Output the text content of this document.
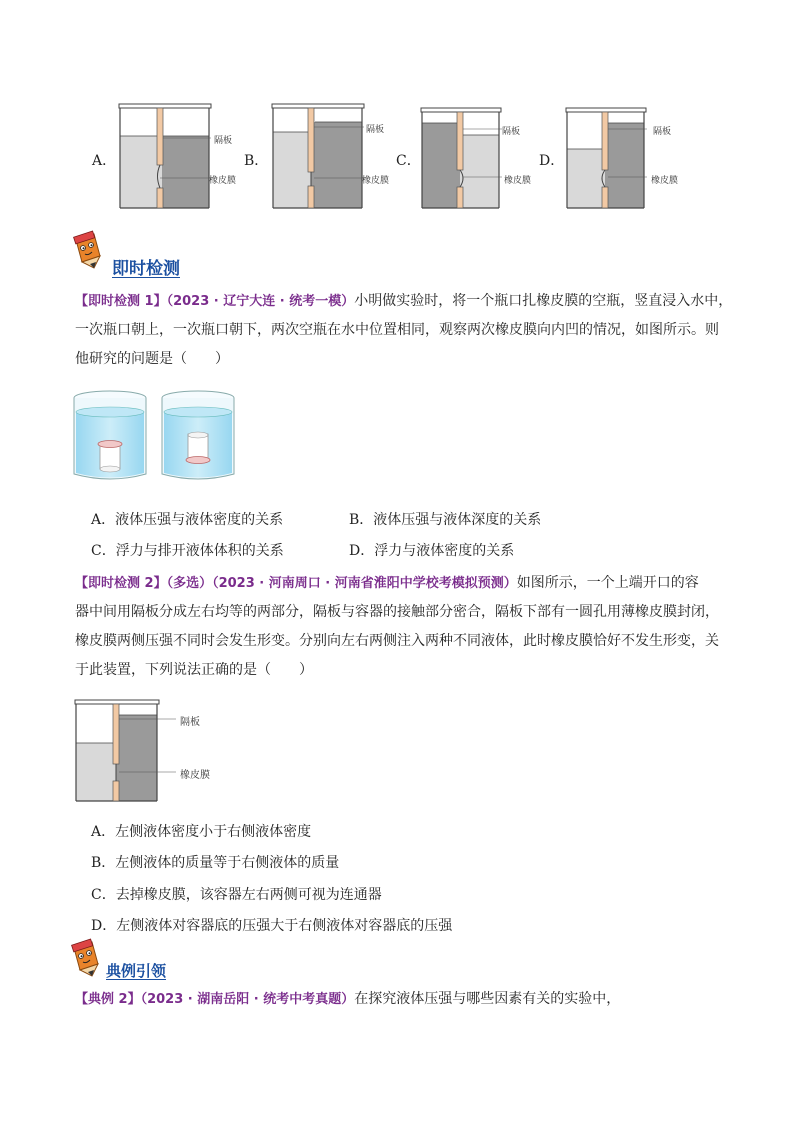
A．
隔板
橡皮膜
B．
隔板
橡皮膜
C．
隔板
橡皮膜
D．
隔板
橡皮膜
即时检测
【即时检测 1】（2023 · 辽宁大连 · 统考一模）小明做实验时，将一个瓶口扎橡皮膜的空瓶，竖直浸入水中，
一次瓶口朝上，一次瓶口朝下，两次空瓶在水中位置相同，观察两次橡皮膜向内凹的情况，如图所示。则
他研究的问题是（　　）
A．液体压强与液体密度的关系	B．液体压强与液体深度的关系
C．浮力与排开液体体积的关系	D．浮力与液体密度的关系
【即时检测 2】（多选）（2023 · 河南周口 · 河南省淮阳中学校考模拟预测）如图所示，一个上端开口的容
器中间用隔板分成左右均等的两部分，隔板与容器的接触部分密合，隔板下部有一圆孔用薄橡皮膜封闭，
橡皮膜两侧压强不同时会发生形变。分别向左右两侧注入两种不同液体，此时橡皮膜恰好不发生形变，关
于此装置，下列说法正确的是（　　）
隔板
橡皮膜
A．左侧液体密度小于右侧液体密度
B．左侧液体的质量等于右侧液体的质量
C．去掉橡皮膜，该容器左右两侧可视为连通器
D．左侧液体对容器底的压强大于右侧液体对容器底的压强
典例引领
【典例 2】（2023 · 湖南岳阳 · 统考中考真题）在探究液体压强与哪些因素有关的实验中，
